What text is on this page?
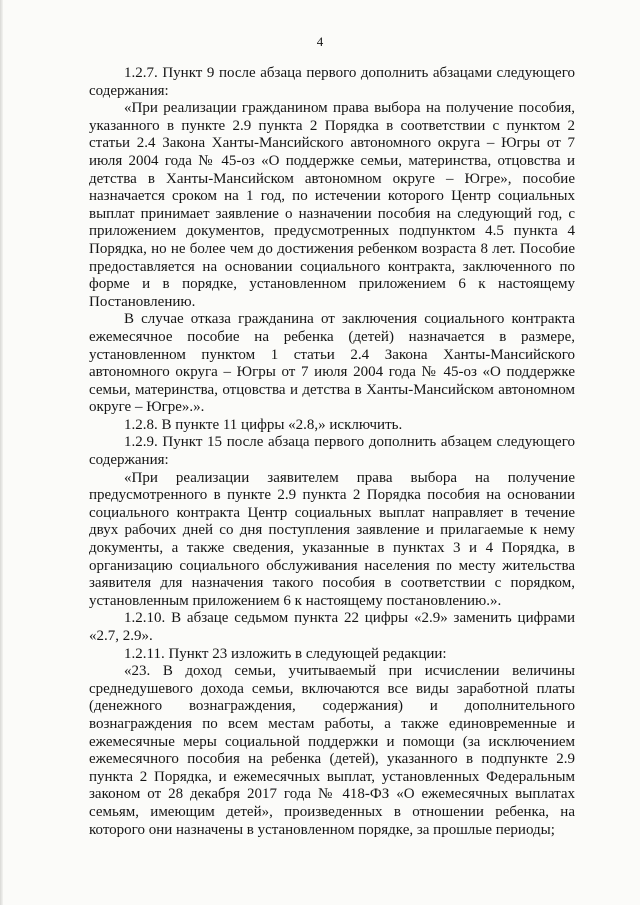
4

1.2.7. Пункт 9 после абзаца первого дополнить абзацами следующего содержания:

«При реализации гражданином права выбора на получение пособия, указанного в пункте 2.9 пункта 2 Порядка в соответствии с пунктом 2 статьи 2.4 Закона Ханты-Мансийского автономного округа – Югры от 7 июля 2004 года № 45-оз «О поддержке семьи, материнства, отцовства и детства в Ханты-Мансийском автономном округе – Югре», пособие назначается сроком на 1 год, по истечении которого Центр социальных выплат принимает заявление о назначении пособия на следующий год, с приложением документов, предусмотренных подпунктом 4.5 пункта 4 Порядка, но не более чем до достижения ребенком возраста 8 лет. Пособие предоставляется на основании социального контракта, заключенного по форме и в порядке, установленном приложением 6 к настоящему Постановлению.

В случае отказа гражданина от заключения социального контракта ежемесячное пособие на ребенка (детей) назначается в размере, установленном пунктом 1 статьи 2.4 Закона Ханты-Мансийского автономного округа – Югры от 7 июля 2004 года № 45-оз «О поддержке семьи, материнства, отцовства и детства в Ханты-Мансийском автономном округе – Югре».».

1.2.8. В пункте 11 цифры «2.8,» исключить.

1.2.9. Пункт 15 после абзаца первого дополнить абзацем следующего содержания:

«При реализации заявителем права выбора на получение предусмотренного в пункте 2.9 пункта 2 Порядка пособия на основании социального контракта Центр социальных выплат направляет в течение двух рабочих дней со дня поступления заявление и прилагаемые к нему документы, а также сведения, указанные в пунктах 3 и 4 Порядка, в организацию социального обслуживания населения по месту жительства заявителя для назначения такого пособия в соответствии с порядком, установленным приложением 6 к настоящему постановлению.».

1.2.10. В абзаце седьмом пункта 22 цифры «2.9» заменить цифрами «2.7, 2.9».

1.2.11. Пункт 23 изложить в следующей редакции:

«23. В доход семьи, учитываемый при исчислении величины среднедушевого дохода семьи, включаются все виды заработной платы (денежного вознаграждения, содержания) и дополнительного вознаграждения по всем местам работы, а также единовременные и ежемесячные меры социальной поддержки и помощи (за исключением ежемесячного пособия на ребенка (детей), указанного в подпункте 2.9 пункта 2 Порядка, и ежемесячных выплат, установленных Федеральным законом от 28 декабря 2017 года № 418-ФЗ «О ежемесячных выплатах семьям, имеющим детей», произведенных в отношении ребенка, на которого они назначены в установленном порядке, за прошлые периоды;
